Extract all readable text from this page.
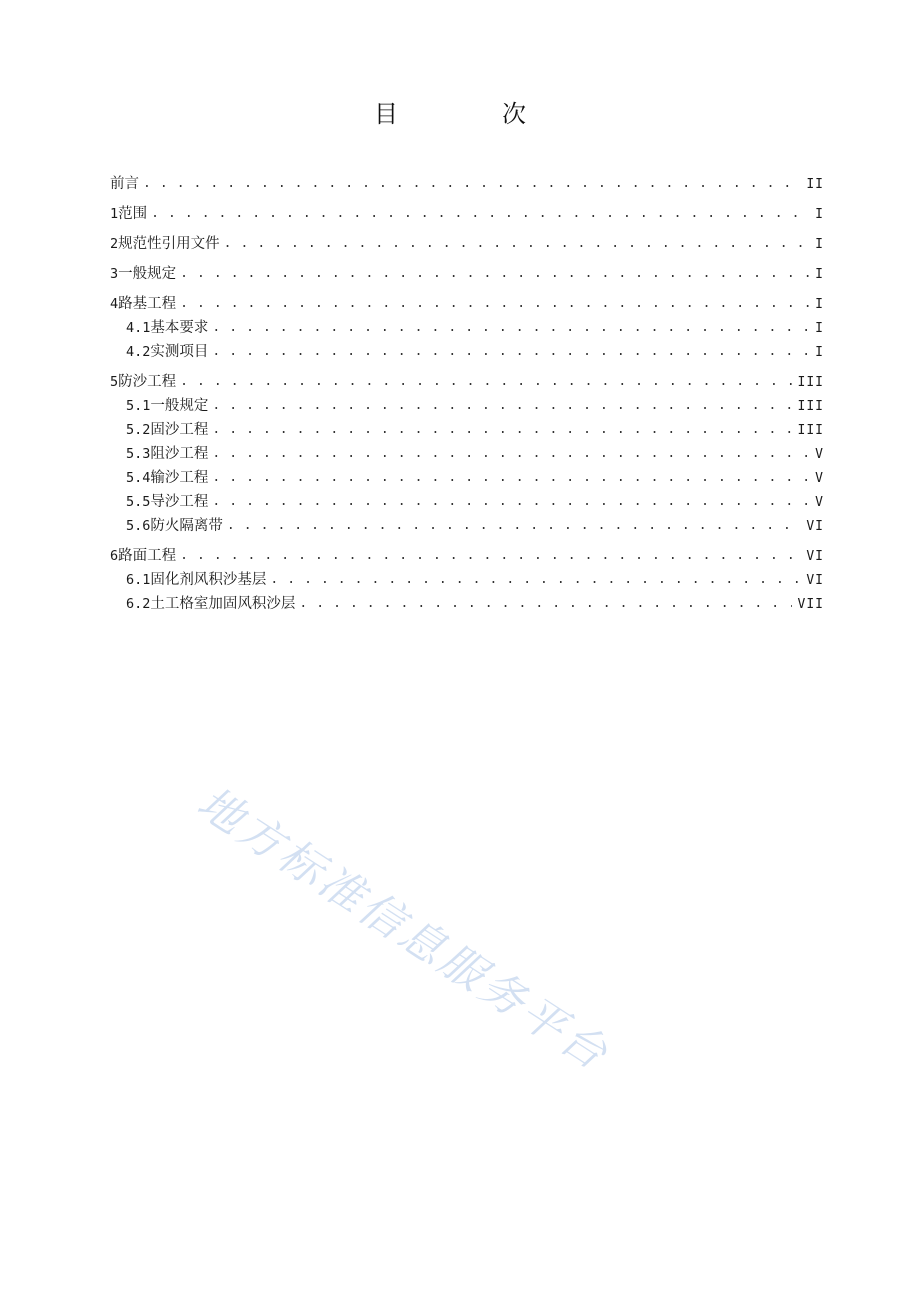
目　次
前言 . . .	II
1 范围 . . .	I
2 规范性引用文件 . . .	I
3 一般规定 . . .	I
4 路基工程 . . .	I
4.1 基本要求 . . .	I
4.2 实测项目 . . .	I
5 防沙工程 . . .	III
5.1 一般规定 . . .	III
5.2 固沙工程 . . .	III
5.3 阻沙工程 . . .	V
5.4 输沙工程 . . .	V
5.5 导沙工程 . . .	V
5.6 防火隔离带 . . .	VI
6 路面工程 . . .	VI
6.1 固化剂风积沙基层 . . .	VI
6.2 土工格室加固风积沙层 . . .	VII
地方标准信息服务平台
